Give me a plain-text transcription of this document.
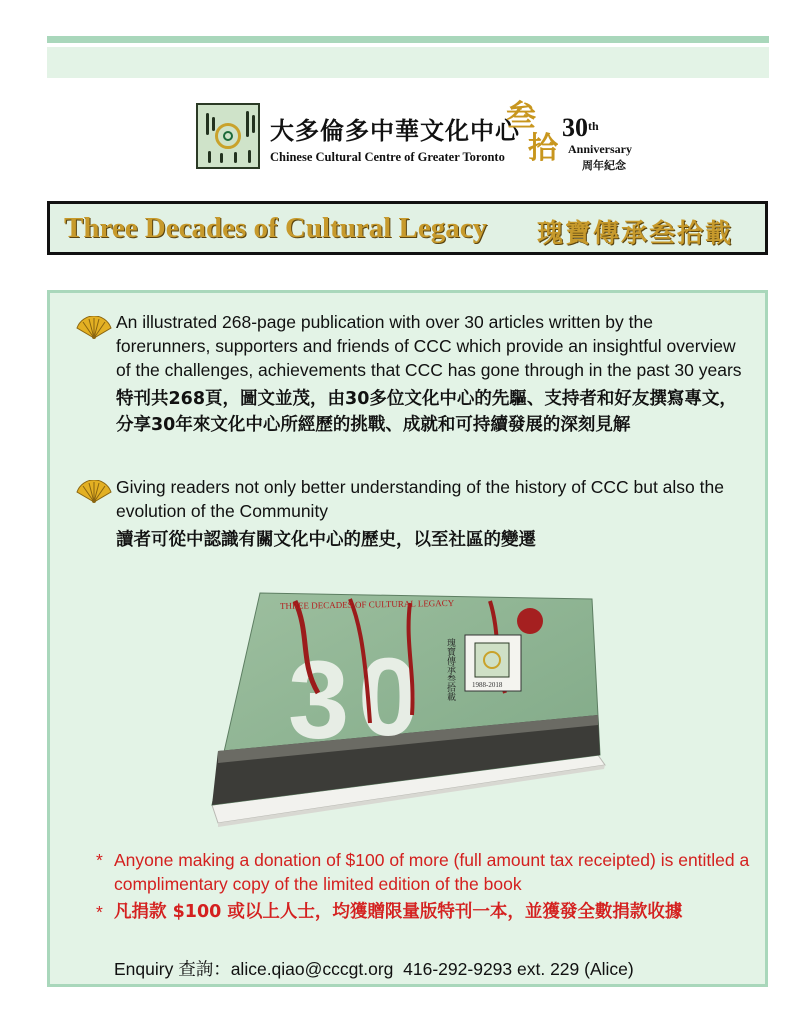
大多倫多中華文化中心
Chinese Cultural Centre of Greater Toronto
叁
拾
30th
Anniversary
周年紀念
Three Decades of Cultural Legacy 瑰寶傳承叁拾載

An illustrated 268-page publication with over 30 articles written by the forerunners, supporters and friends of CCC which provide an insightful overview of the challenges, achievements that CCC has gone through in the past 30 years

特刊共268頁，圖文並茂，由30多位文化中心的先驅、支持者和好友撰寫專文，分享30年來文化中心所經歷的挑戰、成就和可持續發展的深刻見解

Giving readers not only better understanding of the history of CCC but also the evolution of the Community

讀者可從中認識有關文化中心的歷史，以至社區的變遷

3 0
THREE DECADES OF CULTURAL LEGACY
瑰寶傳承叁拾載 1988-2018
* Anyone making a donation of $100 of more (full amount tax receipted) is entitled a complimentary copy of the limited edition of the book
* 凡捐款 $100 或以上人士，均獲贈限量版特刊一本，並獲發全數捐款收據
Enquiry 查詢：alice.qiao@cccgt.org 416-292-9293 ext. 229 (Alice)
